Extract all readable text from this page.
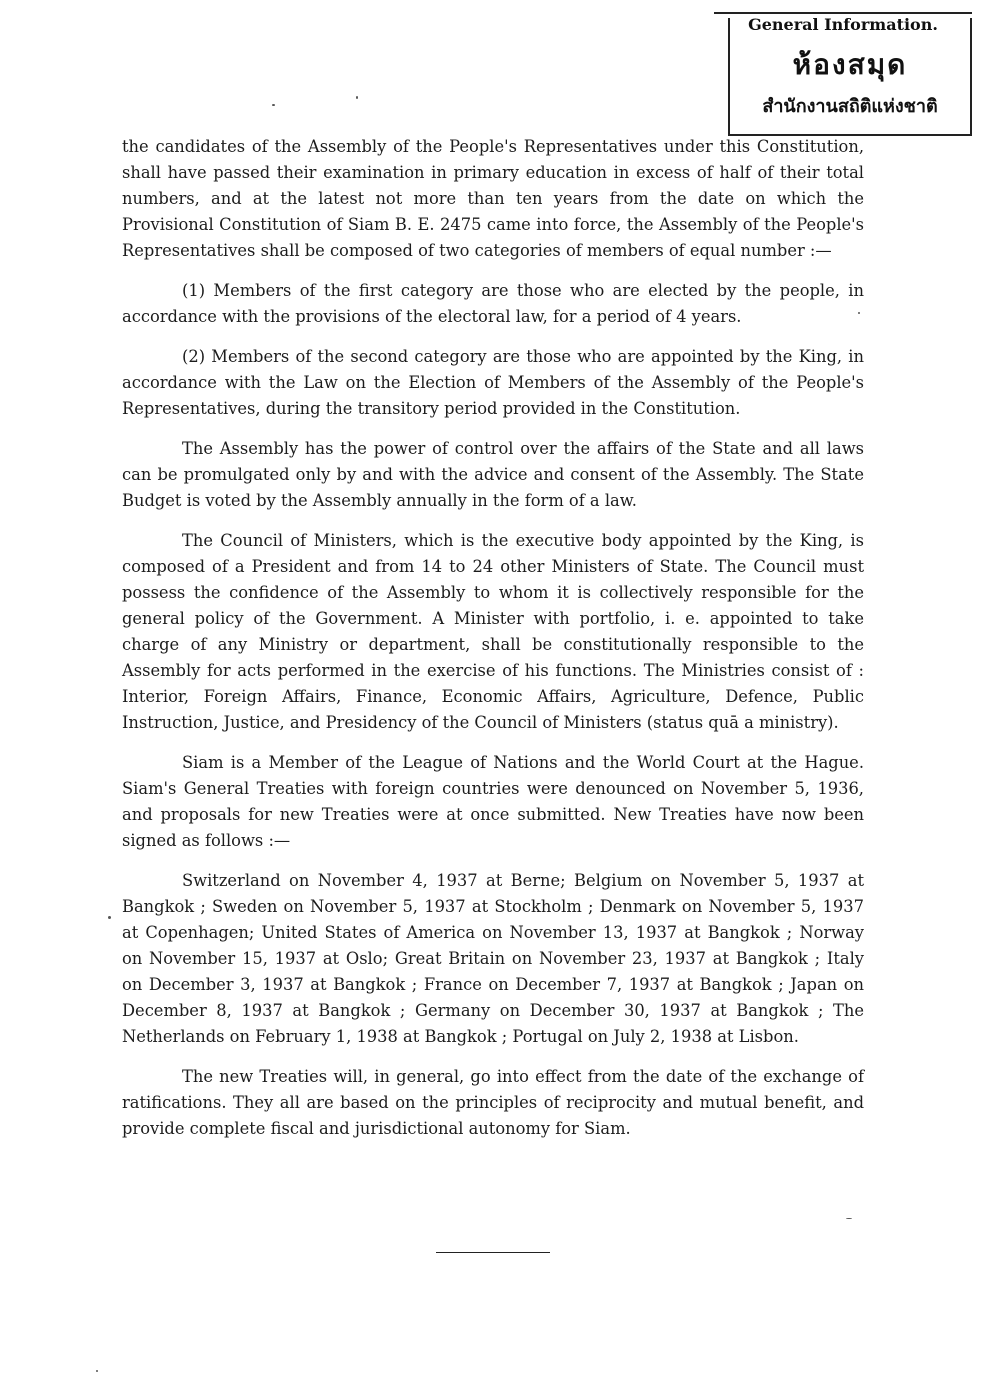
General Information.
ห้องสมุด
สำนักงานสถิติแห่งชาติ

the candidates of the Assembly of the People's Representatives under this Constitution, shall have passed their examination in primary education in excess of half of their total numbers, and at the latest not more than ten years from the date on which the Provisional Constitution of Siam B. E. 2475 came into force, the Assembly of the People's Representatives shall be composed of two categories of members of equal number :—

(1) Members of the first category are those who are elected by the people, in accordance with the provisions of the electoral law, for a period of 4 years.

(2) Members of the second category are those who are appointed by the King, in accordance with the Law on the Election of Members of the Assembly of the People's Representatives, during the transitory period provided in the Constitution.

The Assembly has the power of control over the affairs of the State and all laws can be promulgated only by and with the advice and consent of the Assembly. The State Budget is voted by the Assembly annually in the form of a law.

The Council of Ministers, which is the executive body appointed by the King, is composed of a President and from 14 to 24 other Ministers of State. The Council must possess the confidence of the Assembly to whom it is collectively responsible for the general policy of the Government. A Minister with portfolio, i. e. appointed to take charge of any Ministry or department, shall be constitutionally responsible to the Assembly for acts performed in the exercise of his functions. The Ministries consist of : Interior, Foreign Affairs, Finance, Economic Affairs, Agriculture, Defence, Public Instruction, Justice, and Presidency of the Council of Ministers (status quā a ministry).

Siam is a Member of the League of Nations and the World Court at the Hague. Siam's General Treaties with foreign countries were denounced on November 5, 1936, and proposals for new Treaties were at once submitted. New Treaties have now been signed as follows :—

Switzerland on November 4, 1937 at Berne; Belgium on November 5, 1937 at Bangkok ; Sweden on November 5, 1937 at Stockholm ; Denmark on November 5, 1937 at Copenhagen; United States of America on November 13, 1937 at Bangkok ; Norway on November 15, 1937 at Oslo; Great Britain on November 23, 1937 at Bangkok ; Italy on December 3, 1937 at Bangkok ; France on December 7, 1937 at Bangkok ; Japan on December 8, 1937 at Bangkok ; Germany on December 30, 1937 at Bangkok ; The Netherlands on February 1, 1938 at Bangkok ; Portugal on July 2, 1938 at Lisbon.

The new Treaties will, in general, go into effect from the date of the exchange of ratifications. They all are based on the principles of reciprocity and mutual benefit, and provide complete fiscal and jurisdictional autonomy for Siam.
